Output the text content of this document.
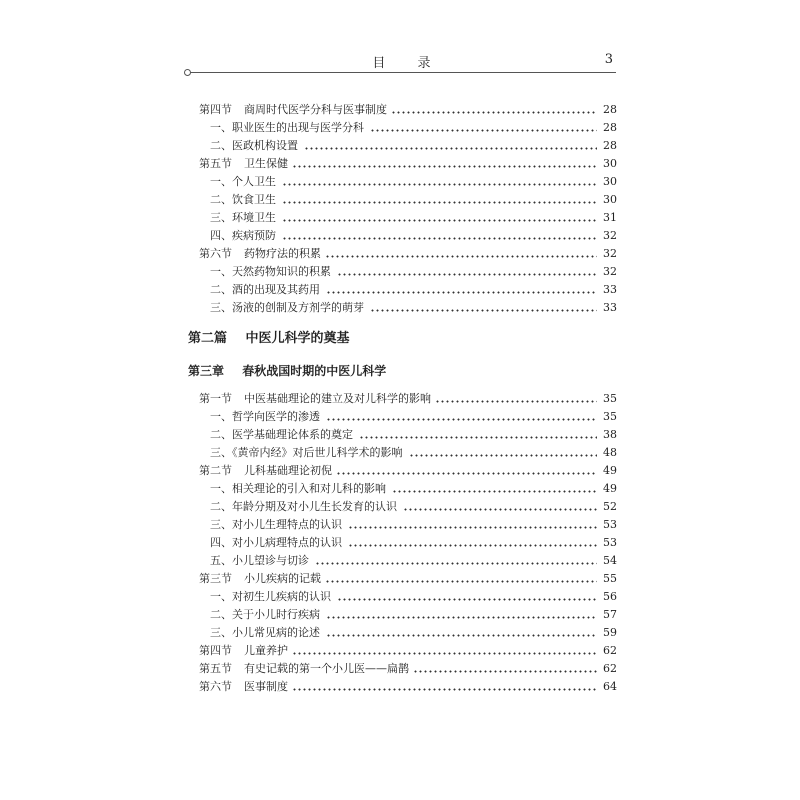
目 录	3
第四节 商周时代医学分科与医事制度	28
一、职业医生的出现与医学分科	28
二、医政机构设置	28
第五节 卫生保健	30
一、个人卫生	30
二、饮食卫生	30
三、环境卫生	31
四、疾病预防	32
第六节 药物疗法的积累	32
一、天然药物知识的积累	32
二、酒的出现及其药用	33
三、汤液的创制及方剂学的萌芽	33
第二篇 中医儿科学的奠基
第三章 春秋战国时期的中医儿科学
第一节 中医基础理论的建立及对儿科学的影响	35
一、哲学向医学的渗透	35
二、医学基础理论体系的奠定	38
三、《黄帝内经》对后世儿科学术的影响	48
第二节 儿科基础理论初倪	49
一、相关理论的引入和对儿科的影响	49
二、年龄分期及对小儿生长发育的认识	52
三、对小儿生理特点的认识	53
四、对小儿病理特点的认识	53
五、小儿望诊与切诊	54
第三节 小儿疾病的记载	55
一、对初生儿疾病的认识	56
二、关于小儿时行疾病	57
三、小儿常见病的论述	59
第四节 儿童养护	62
第五节 有史记载的第一个小儿医——扁鹊	62
第六节 医事制度	64
